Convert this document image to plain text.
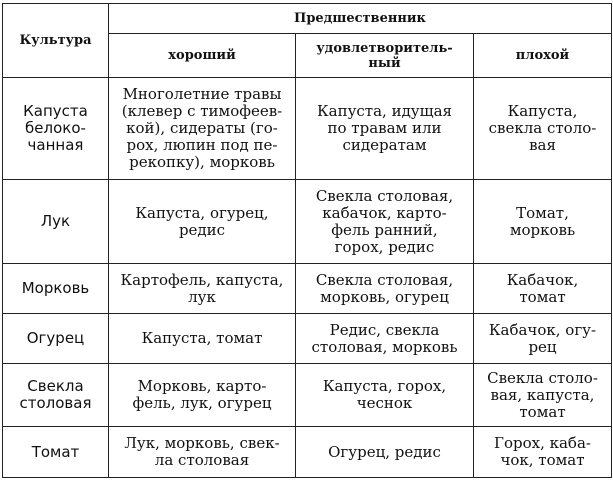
Культура	Предшественник		
	хороший	удовлетворитель-
ный	плохой
Капуста
белоко-
чанная	Многолетние травы
(клевер с тимофеев-
кой), сидераты (го-
рох, люпин под пе-
рекопку), морковь	Капуста, идущая
по травам или
сидератам	Капуста,
свекла столо-
вая
Лук	Капуста, огурец,
редис	Свекла столовая,
кабачок, карто-
фель ранний,
горох, редис	Томат,
морковь
Морковь	Картофель, капуста,
лук	Свекла столовая,
морковь, огурец	Кабачок,
томат
Огурец	Капуста, томат	Редис, свекла
столовая, морковь	Кабачок, огу-
рец
Свекла
столовая	Морковь, карто-
фель, лук, огурец	Капуста, горох,
чеснок	Свекла столо-
вая, капуста,
томат
Томат	Лук, морковь, свек-
ла столовая	Огурец, редис	Горох, каба-
чок, томат
